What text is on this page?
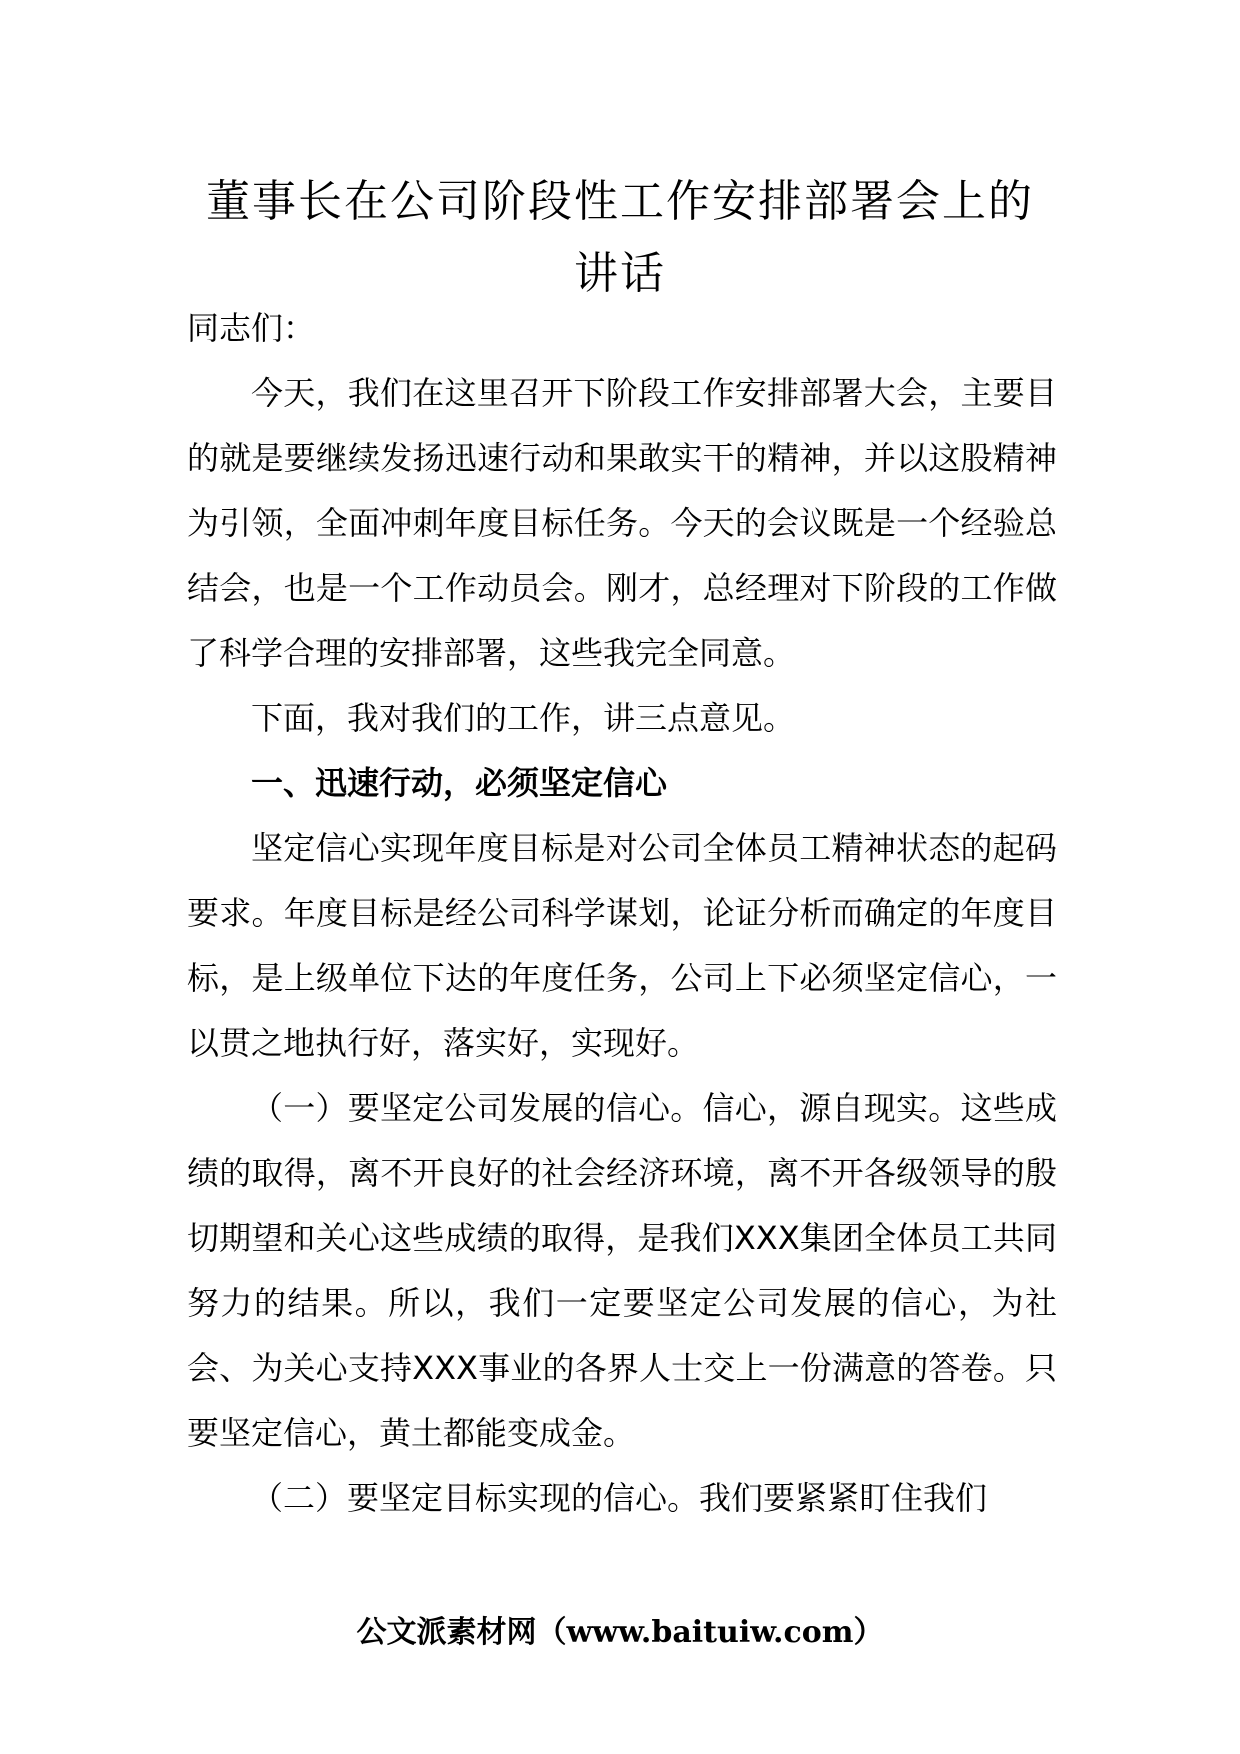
董事长在公司阶段性工作安排部署会上的
讲话

同志们：

今天，我们在这里召开下阶段工作安排部署大会，主要目的就是要继续发扬迅速行动和果敢实干的精神，并以这股精神为引领，全面冲刺年度目标任务。今天的会议既是一个经验总结会，也是一个工作动员会。刚才，总经理对下阶段的工作做了科学合理的安排部署，这些我完全同意。

下面，我对我们的工作，讲三点意见。

一、迅速行动，必须坚定信心

坚定信心实现年度目标是对公司全体员工精神状态的起码要求。年度目标是经公司科学谋划，论证分析而确定的年度目标，是上级单位下达的年度任务，公司上下必须坚定信心，一以贯之地执行好，落实好，实现好。

（一）要坚定公司发展的信心。信心，源自现实。这些成绩的取得，离不开良好的社会经济环境，离不开各级领导的殷切期望和关心这些成绩的取得，是我们XXX集团全体员工共同努力的结果。所以，我们一定要坚定公司发展的信心，为社会、为关心支持XXX事业的各界人士交上一份满意的答卷。只要坚定信心，黄土都能变成金。

（二）要坚定目标实现的信心。我们要紧紧盯住我们

公文派素材网（www.baituiw.com）
